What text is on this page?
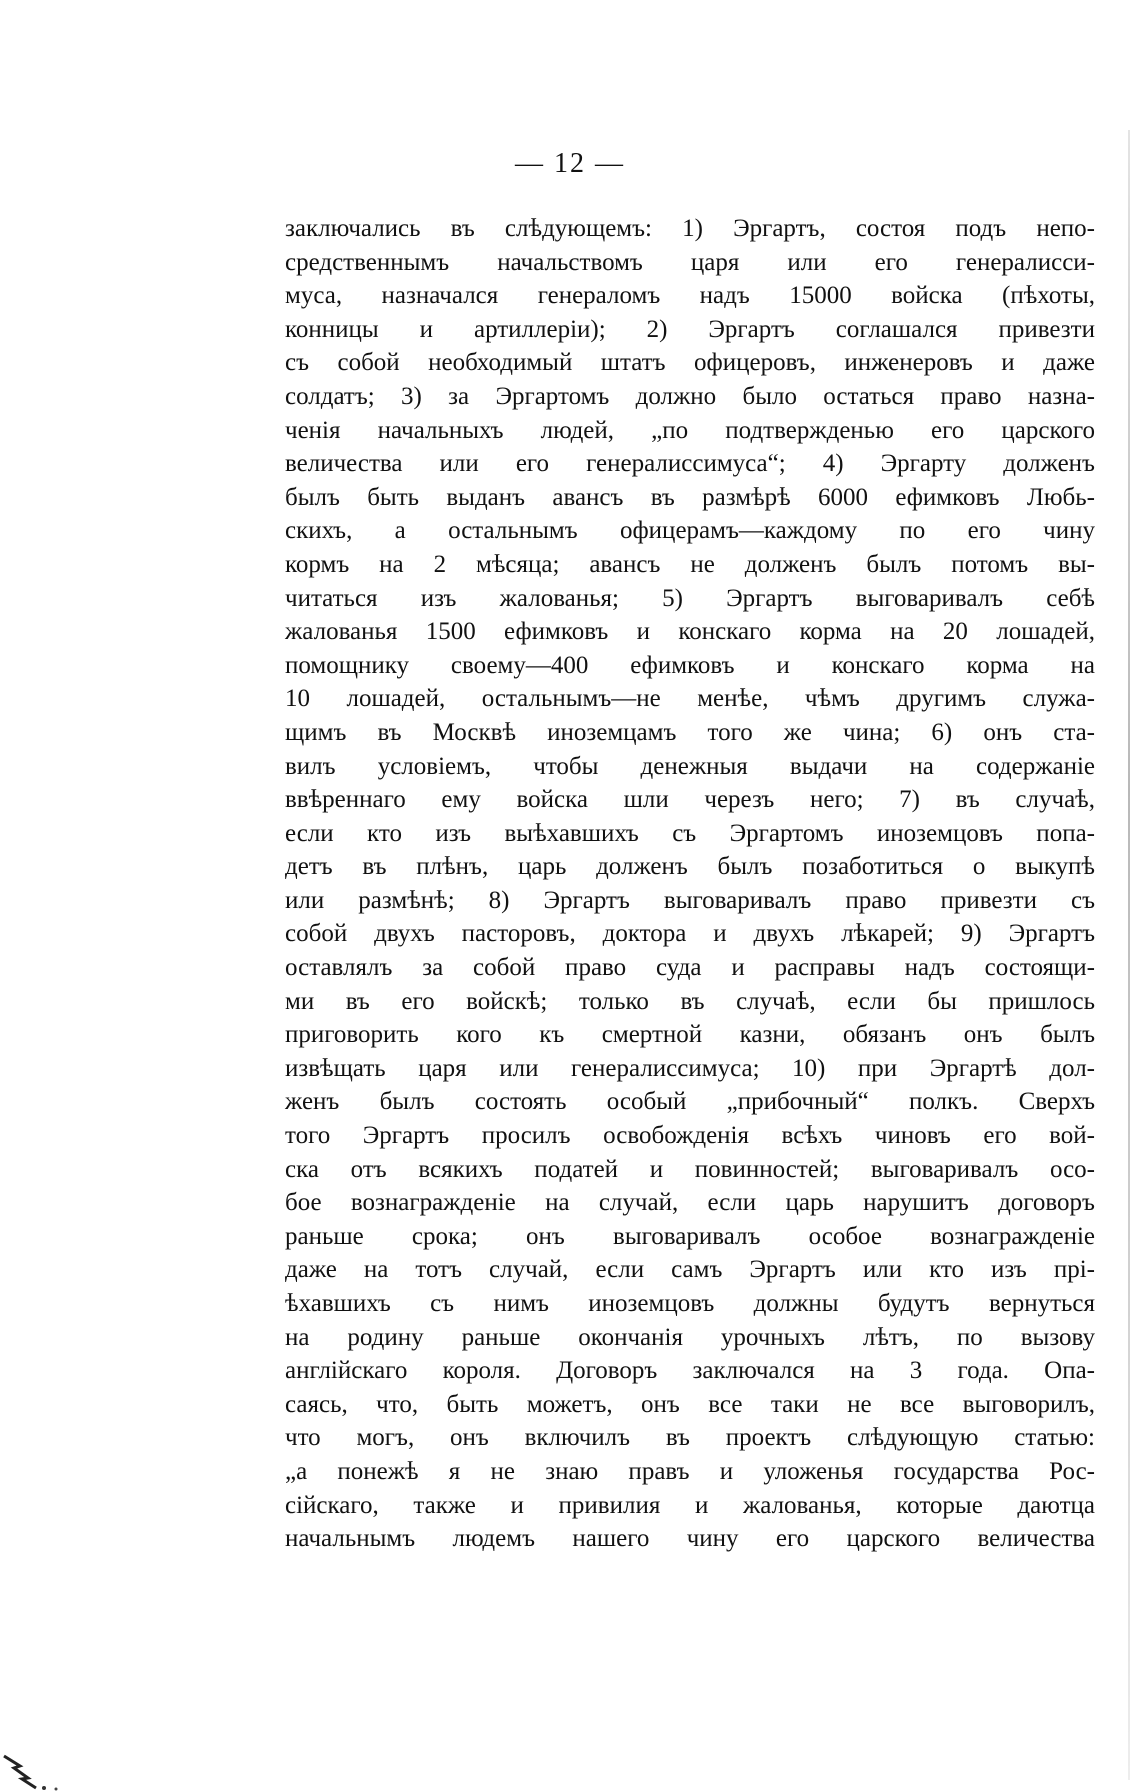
— 12 —
заключались въ слѣдующемъ: 1) Эргартъ, состоя подъ непо-
средственнымъ начальствомъ царя или его генералисси-
муса, назначался генераломъ надъ 15000 войска (пѣхоты,
конницы и артиллеріи); 2) Эргартъ соглашался привезти
съ собой необходимый штатъ офицеровъ, инженеровъ и даже
солдатъ; 3) за Эргартомъ должно было остаться право назна-
ченія начальныхъ людей, „по подтвержденью его царского
величества или его генералиссимуса“; 4) Эргарту долженъ
былъ быть выданъ авансъ въ размѣрѣ 6000 ефимковъ Любь-
скихъ, а остальнымъ офицерамъ—каждому по его чину
кормъ на 2 мѣсяца; авансъ не долженъ былъ потомъ вы-
читаться изъ жалованья; 5) Эргартъ выговаривалъ себѣ
жалованья 1500 ефимковъ и конскаго корма на 20 лошадей,
помощнику своему—400 ефимковъ и конскаго корма на
10 лошадей, остальнымъ—не менѣе, чѣмъ другимъ служа-
щимъ въ Москвѣ иноземцамъ того же чина; 6) онъ ста-
вилъ условіемъ, чтобы денежныя выдачи на содержаніе
ввѣреннаго ему войска шли черезъ него; 7) въ случаѣ,
если кто изъ выѣхавшихъ съ Эргартомъ иноземцовъ попа-
детъ въ плѣнъ, царь долженъ былъ позаботиться о выкупѣ
или размѣнѣ; 8) Эргартъ выговаривалъ право привезти съ
собой двухъ пасторовъ, доктора и двухъ лѣкарей; 9) Эргартъ
оставлялъ за собой право суда и расправы надъ состоящи-
ми въ его войскѣ; только въ случаѣ, если бы пришлось
приговорить кого къ смертной казни, обязанъ онъ былъ
извѣщать царя или генералиссимуса; 10) при Эргартѣ дол-
женъ былъ состоять особый „прибочный“ полкъ. Сверхъ
того Эргартъ просилъ освобожденія всѣхъ чиновъ его вой-
ска отъ всякихъ податей и повинностей; выговаривалъ осо-
бое вознагражденіе на случай, если царь нарушитъ договоръ
раньше срока; онъ выговаривалъ особое вознагражденіе
даже на тотъ случай, если самъ Эргартъ или кто изъ прі-
ѣхавшихъ съ нимъ иноземцовъ должны будутъ вернуться
на родину раньше окончанія урочныхъ лѣтъ, по вызову
англійскаго короля. Договоръ заключался на 3 года. Опа-
саясь, что, быть можетъ, онъ все таки не все выговорилъ,
что могъ, онъ включилъ въ проектъ слѣдующую статью:
„а понежѣ я не знаю правъ и уложенья государства Рос-
сійскаго, также и привилия и жалованья, которые даютца
начальнымъ людемъ нашего чину его царского величества
